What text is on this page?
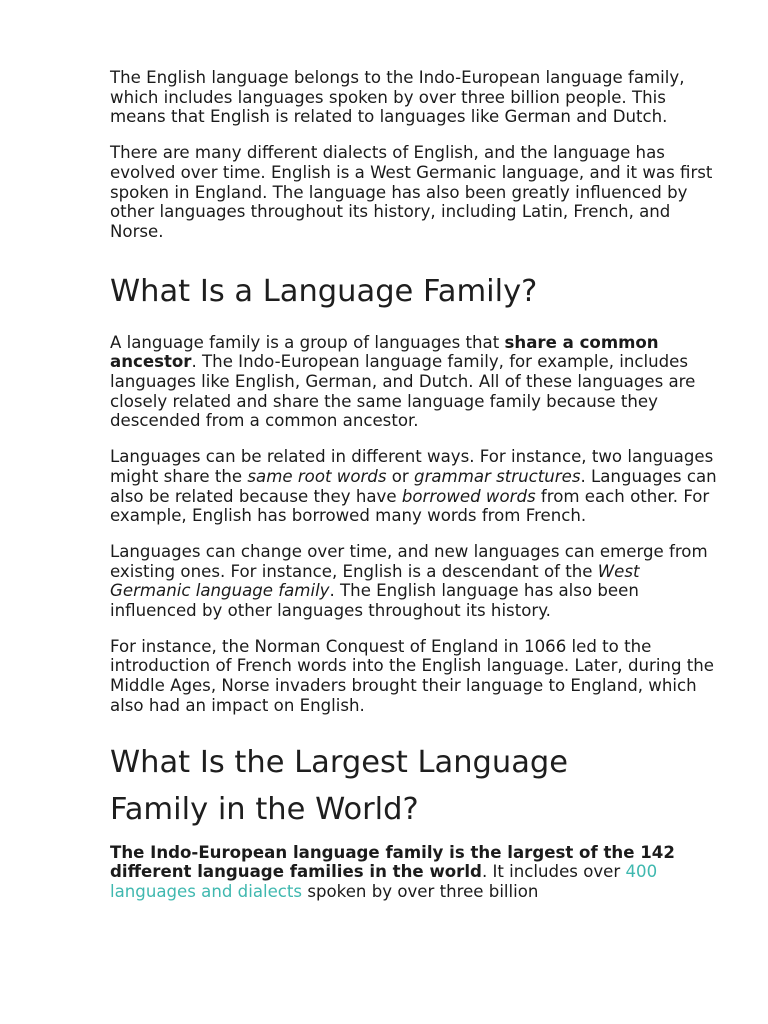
The English language belongs to the Indo-European language family, which includes languages spoken by over three billion people. This means that English is related to languages like German and Dutch.

There are many different dialects of English, and the language has evolved over time. English is a West Germanic language, and it was first spoken in England. The language has also been greatly influenced by other languages throughout its history, including Latin, French, and Norse.

What Is a Language Family?

A language family is a group of languages that share a common ancestor. The Indo-European language family, for example, includes languages like English, German, and Dutch. All of these languages are closely related and share the same language family because they descended from a common ancestor.

Languages can be related in different ways. For instance, two languages might share the same root words or grammar structures. Languages can also be related because they have borrowed words from each other. For example, English has borrowed many words from French.

Languages can change over time, and new languages can emerge from existing ones. For instance, English is a descendant of the West Germanic language family. The English language has also been influenced by other languages throughout its history.

For instance, the Norman Conquest of England in 1066 led to the introduction of French words into the English language. Later, during the Middle Ages, Norse invaders brought their language to England, which also had an impact on English.

What Is the Largest Language
Family in the World?

The Indo-European language family is the largest of the 142 different language families in the world. It includes over 400 languages and dialects spoken by over three billion
